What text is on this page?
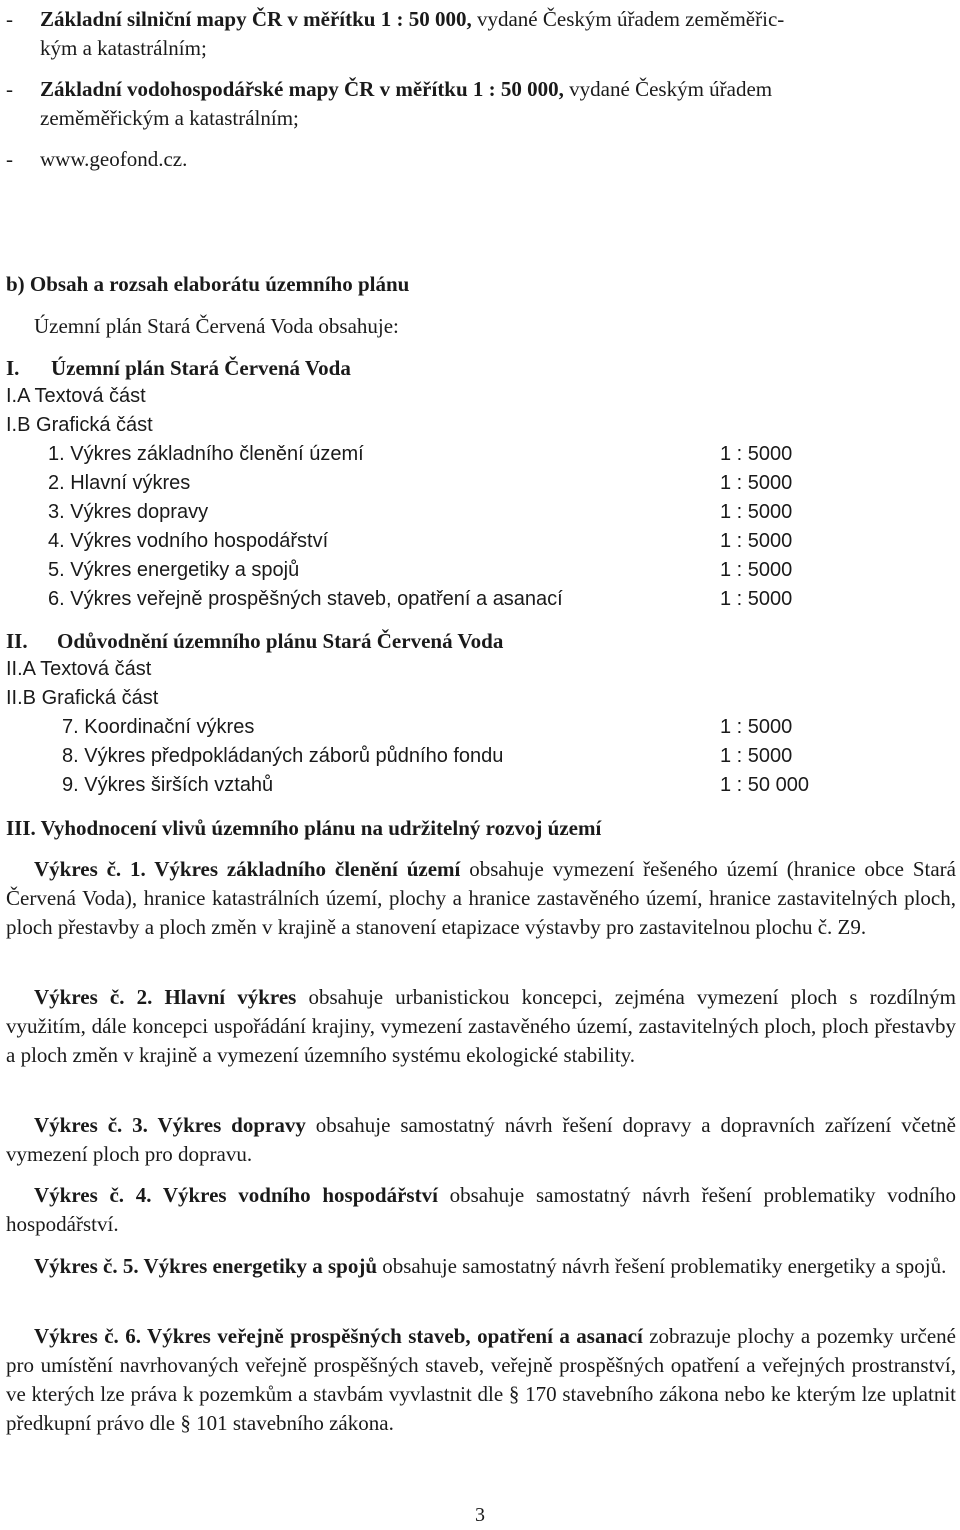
- Základní silniční mapy ČR v měřítku 1 : 50 000, vydané Českým úřadem zeměměřic-
kým a katastrálním;
- Základní vodohospodářské mapy ČR v měřítku 1 : 50 000, vydané Českým úřadem
zeměměřickým a katastrálním;
- www.geofond.cz.
b) Obsah a rozsah elaborátu územního plánu
Územní plán Stará Červená Voda obsahuje:
I. Územní plán Stará Červená Voda
I.A Textová část
I.B Grafická část
1. Výkres základního členění území	1 : 5000
2. Hlavní výkres	1 : 5000
3. Výkres dopravy	1 : 5000
4. Výkres vodního hospodářství	1 : 5000
5. Výkres energetiky a spojů	1 : 5000
6. Výkres veřejně prospěšných staveb, opatření a asanací	1 : 5000
II. Odůvodnění územního plánu Stará Červená Voda
II.A Textová část
II.B Grafická část
7. Koordinační výkres	1 : 5000
8. Výkres předpokládaných záborů půdního fondu	1 : 5000
9. Výkres širších vztahů	1 : 50 000
III. Vyhodnocení vlivů územního plánu na udržitelný rozvoj území
Výkres č. 1. Výkres základního členění území obsahuje vymezení řešeného území (hranice obce Stará Červená Voda), hranice katastrálních území, plochy a hranice zastavěného území, hranice zastavitelných ploch, ploch přestavby a ploch změn v krajině a stanovení etapizace výstavby pro zastavitelnou plochu č. Z9.
Výkres č. 2. Hlavní výkres obsahuje urbanistickou koncepci, zejména vymezení ploch s rozdílným využitím, dále koncepci uspořádání krajiny, vymezení zastavěného území, zastavitelných ploch, ploch přestavby a ploch změn v krajině a vymezení územního systému ekologické stability.
Výkres č. 3. Výkres dopravy obsahuje samostatný návrh řešení dopravy a dopravních zařízení včetně vymezení ploch pro dopravu.
Výkres č. 4. Výkres vodního hospodářství obsahuje samostatný návrh řešení problematiky vodního hospodářství.
Výkres č. 5. Výkres energetiky a spojů obsahuje samostatný návrh řešení problematiky energetiky a spojů.
Výkres č. 6. Výkres veřejně prospěšných staveb, opatření a asanací zobrazuje plochy a pozemky určené pro umístění navrhovaných veřejně prospěšných staveb, veřejně prospěšných opatření a veřejných prostranství, ve kterých lze práva k pozemkům a stavbám vyvlastnit dle § 170 stavebního zákona nebo ke kterým lze uplatnit předkupní právo dle § 101 stavebního zákona.
3
